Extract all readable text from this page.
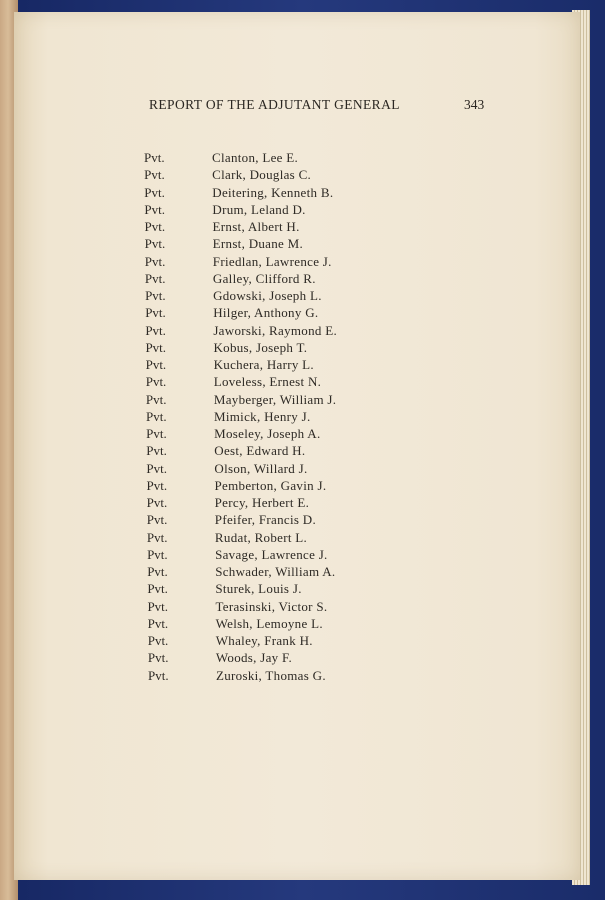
REPORT OF THE ADJUTANT GENERAL	343
Pvt.	Clanton, Lee E.
Pvt.	Clark, Douglas C.
Pvt.	Deitering, Kenneth B.
Pvt.	Drum, Leland D.
Pvt.	Ernst, Albert H.
Pvt.	Ernst, Duane M.
Pvt.	Friedlan, Lawrence J.
Pvt.	Galley, Clifford R.
Pvt.	Gdowski, Joseph L.
Pvt.	Hilger, Anthony G.
Pvt.	Jaworski, Raymond E.
Pvt.	Kobus, Joseph T.
Pvt.	Kuchera, Harry L.
Pvt.	Loveless, Ernest N.
Pvt.	Mayberger, William J.
Pvt.	Mimick, Henry J.
Pvt.	Moseley, Joseph A.
Pvt.	Oest, Edward H.
Pvt.	Olson, Willard J.
Pvt.	Pemberton, Gavin J.
Pvt.	Percy, Herbert E.
Pvt.	Pfeifer, Francis D.
Pvt.	Rudat, Robert L.
Pvt.	Savage, Lawrence J.
Pvt.	Schwader, William A.
Pvt.	Sturek, Louis J.
Pvt.	Terasinski, Victor S.
Pvt.	Welsh, Lemoyne L.
Pvt.	Whaley, Frank H.
Pvt.	Woods, Jay F.
Pvt.	Zuroski, Thomas G.
